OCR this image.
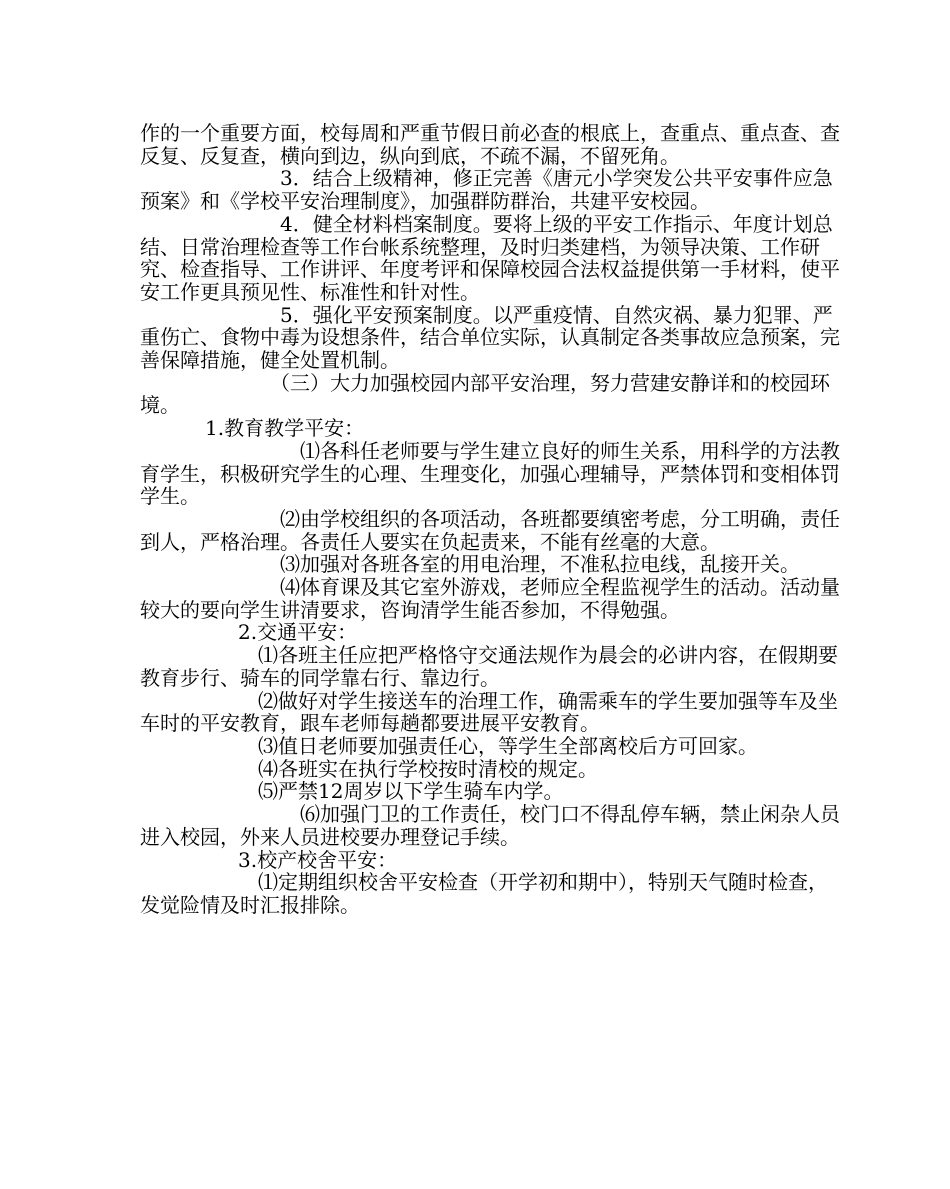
作的一个重要方面，校每周和严重节假日前必查的根底上，查重点、重点查、查反复、反复查，横向到边，纵向到底，不疏不漏，不留死角。

3．结合上级精神，修正完善《唐元小学突发公共平安事件应急预案》和《学校平安治理制度》，加强群防群治，共建平安校园。

4．健全材料档案制度。要将上级的平安工作指示、年度计划总结、日常治理检查等工作台帐系统整理，及时归类建档，为领导决策、工作研究、检查指导、工作讲评、年度考评和保障校园合法权益提供第一手材料，使平安工作更具预见性、标准性和针对性。

5．强化平安预案制度。以严重疫情、自然灾祸、暴力犯罪、严重伤亡、食物中毒为设想条件，结合单位实际，认真制定各类事故应急预案，完善保障措施，健全处置机制。

（三）大力加强校园内部平安治理，努力营建安静详和的校园环境。

1.教育教学平安：

⑴各科任老师要与学生建立良好的师生关系，用科学的方法教育学生，积极研究学生的心理、生理变化，加强心理辅导，严禁体罚和变相体罚学生。

⑵由学校组织的各项活动，各班都要缜密考虑，分工明确，责任到人，严格治理。各责任人要实在负起责来，不能有丝毫的大意。

⑶加强对各班各室的用电治理，不准私拉电线，乱接开关。

⑷体育课及其它室外游戏，老师应全程监视学生的活动。活动量较大的要向学生讲清要求，咨询清学生能否参加，不得勉强。

2.交通平安：

⑴各班主任应把严格恪守交通法规作为晨会的必讲内容，在假期要教育步行、骑车的同学靠右行、靠边行。

⑵做好对学生接送车的治理工作，确需乘车的学生要加强等车及坐车时的平安教育，跟车老师每趟都要进展平安教育。

⑶值日老师要加强责任心，等学生全部离校后方可回家。

⑷各班实在执行学校按时清校的规定。

⑸严禁12周岁以下学生骑车内学。

⑹加强门卫的工作责任，校门口不得乱停车辆，禁止闲杂人员进入校园，外来人员进校要办理登记手续。

3.校产校舍平安：

⑴定期组织校舍平安检查（开学初和期中），特别天气随时检查，发觉险情及时汇报排除。
